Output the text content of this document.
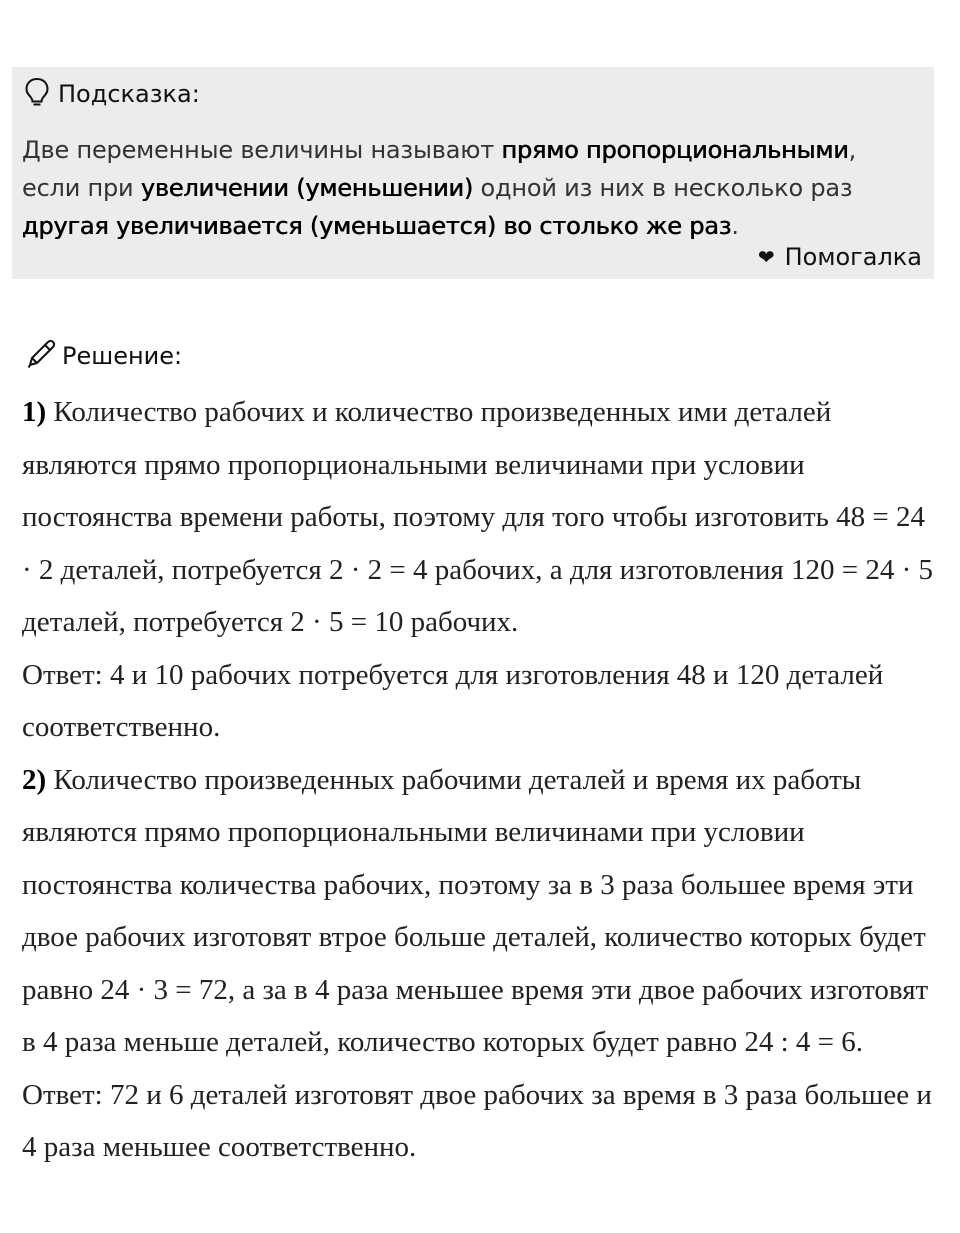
Подсказка:
Две переменные величины называют прямо пропорциональными,
если при увеличении (уменьшении) одной из них в несколько раз
другая увеличивается (уменьшается) во столько же раз.
❤ Помогалка
Решение:

1) Количество рабочих и количество произведенных ими деталей являются прямо пропорциональными величинами при условии постоянства времени работы, поэтому для того чтобы изготовить 48 = 24 · 2 деталей, потребуется 2 · 2 = 4 рабочих, а для изготовления 120 = 24 · 5 деталей, потребуется 2 · 5 = 10 рабочих.

Ответ: 4 и 10 рабочих потребуется для изготовления 48 и 120 деталей соответственно.

2) Количество произведенных рабочими деталей и время их работы являются прямо пропорциональными величинами при условии постоянства количества рабочих, поэтому за в 3 раза большее время эти двое рабочих изготовят втрое больше деталей, количество которых будет равно 24 · 3 = 72, а за в 4 раза меньшее время эти двое рабочих изготовят в 4 раза меньше деталей, количество которых будет равно 24 : 4 = 6.

Ответ: 72 и 6 деталей изготовят двое рабочих за время в 3 раза большее и 4 раза меньшее соответственно.
